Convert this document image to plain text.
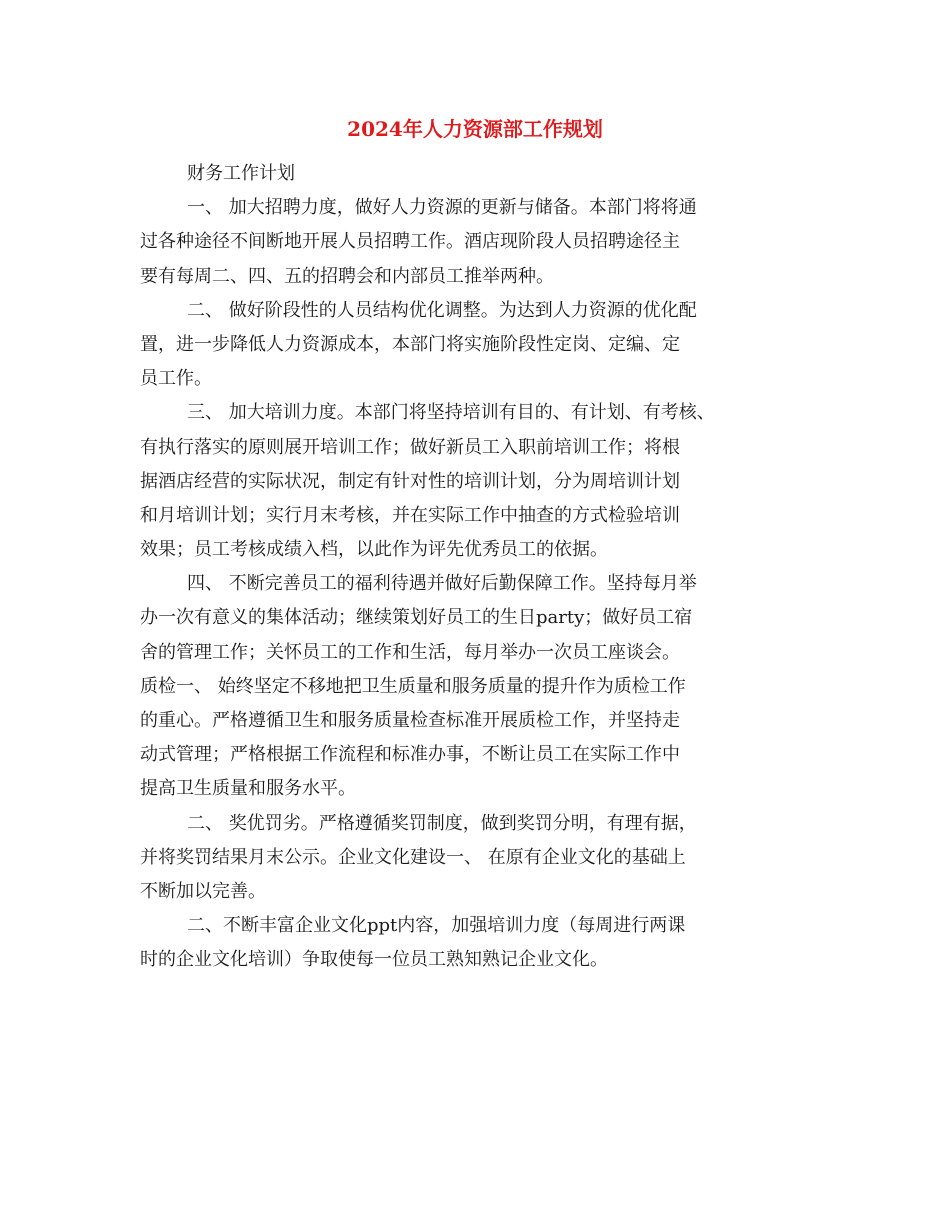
2024年人力资源部工作规划
财务工作计划
一、 加大招聘力度，做好人力资源的更新与储备。本部门将将通
过各种途径不间断地开展人员招聘工作。酒店现阶段人员招聘途径主
要有每周二、四、五的招聘会和内部员工推举两种。
二、 做好阶段性的人员结构优化调整。为达到人力资源的优化配
置，进一步降低人力资源成本，本部门将实施阶段性定岗、定编、定
员工作。
三、 加大培训力度。本部门将坚持培训有目的、有计划、有考核、
有执行落实的原则展开培训工作；做好新员工入职前培训工作；将根
据酒店经营的实际状况，制定有针对性的培训计划，分为周培训计划
和月培训计划；实行月末考核，并在实际工作中抽查的方式检验培训
效果；员工考核成绩入档，以此作为评先优秀员工的依据。
四、 不断完善员工的福利待遇并做好后勤保障工作。坚持每月举
办一次有意义的集体活动；继续策划好员工的生日party；做好员工宿
舍的管理工作；关怀员工的工作和生活，每月举办一次员工座谈会。
质检一、 始终坚定不移地把卫生质量和服务质量的提升作为质检工作
的重心。严格遵循卫生和服务质量检查标准开展质检工作，并坚持走
动式管理；严格根据工作流程和标准办事，不断让员工在实际工作中
提高卫生质量和服务水平。
二、 奖优罚劣。严格遵循奖罚制度，做到奖罚分明，有理有据，
并将奖罚结果月末公示。企业文化建设一、 在原有企业文化的基础上
不断加以完善。
二、不断丰富企业文化ppt内容，加强培训力度（每周进行两课
时的企业文化培训）争取使每一位员工熟知熟记企业文化。
